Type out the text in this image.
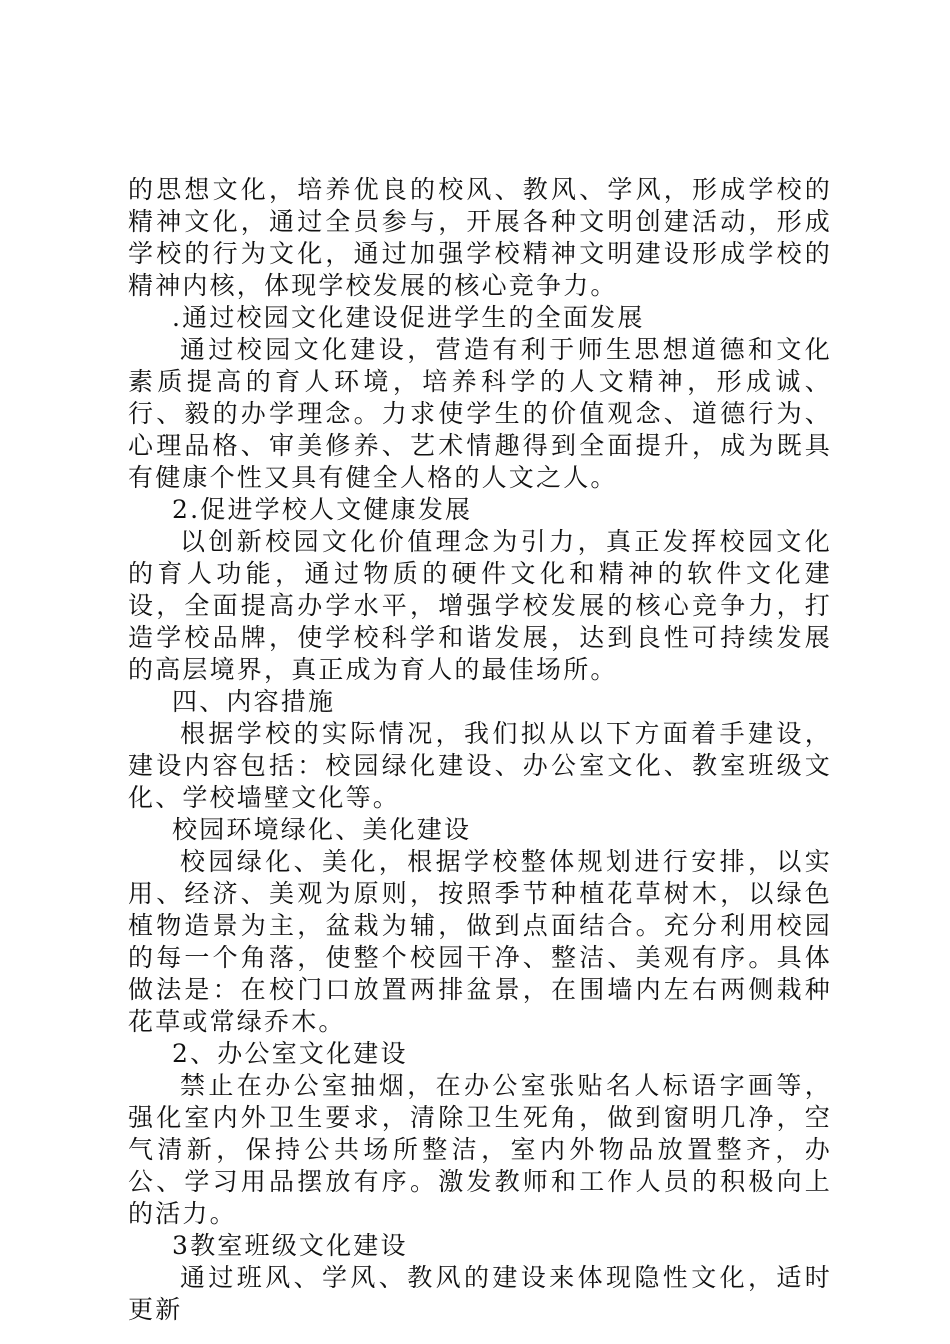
的思想文化，培养优良的校风、教风、学风，形成学校的精神文化，通过全员参与，开展各种文明创建活动，形成学校的行为文化，通过加强学校精神文明建设形成学校的精神内核，体现学校发展的核心竞争力。

.通过校园文化建设促进学生的全面发展

通过校园文化建设，营造有利于师生思想道德和文化素质提高的育人环境，培养科学的人文精神，形成诚、行、毅的办学理念。力求使学生的价值观念、道德行为、心理品格、审美修养、艺术情趣得到全面提升，成为既具有健康个性又具有健全人格的人文之人。

2.促进学校人文健康发展

以创新校园文化价值理念为引力，真正发挥校园文化的育人功能，通过物质的硬件文化和精神的软件文化建设，全面提高办学水平，增强学校发展的核心竞争力，打造学校品牌，使学校科学和谐发展，达到良性可持续发展的高层境界，真正成为育人的最佳场所。

四、内容措施

根据学校的实际情况，我们拟从以下方面着手建设，建设内容包括：校园绿化建设、办公室文化、教室班级文化、学校墙壁文化等。

校园环境绿化、美化建设

校园绿化、美化，根据学校整体规划进行安排，以实用、经济、美观为原则，按照季节种植花草树木，以绿色植物造景为主，盆栽为辅，做到点面结合。充分利用校园的每一个角落，使整个校园干净、整洁、美观有序。具体做法是：在校门口放置两排盆景，在围墙内左右两侧栽种花草或常绿乔木。

2、办公室文化建设

禁止在办公室抽烟，在办公室张贴名人标语字画等，强化室内外卫生要求，清除卫生死角，做到窗明几净，空气清新，保持公共场所整洁，室内外物品放置整齐，办公、学习用品摆放有序。激发教师和工作人员的积极向上的活力。

3教室班级文化建设

通过班风、学风、教风的建设来体现隐性文化，适时更新
